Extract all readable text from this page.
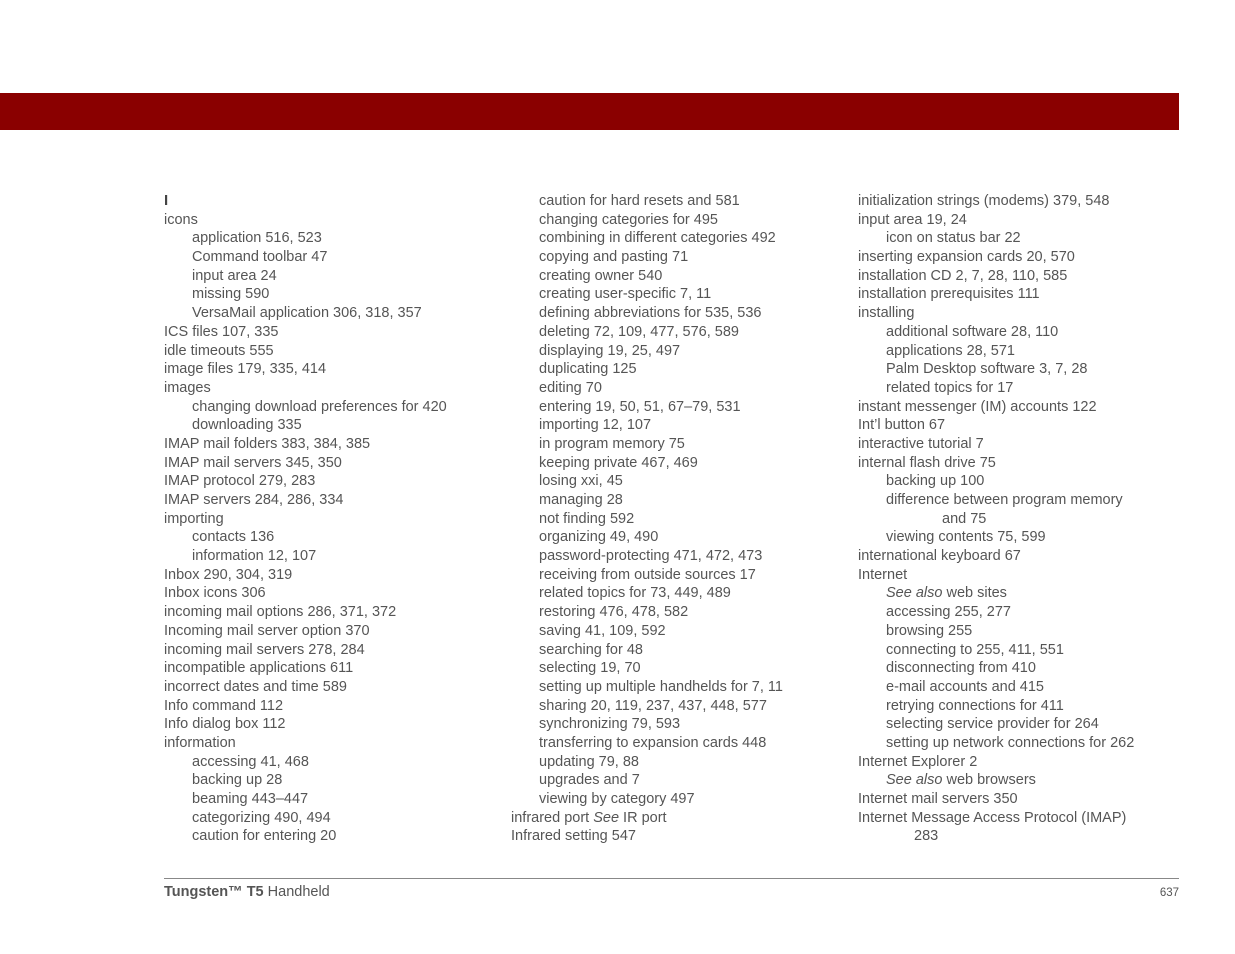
I
icons
application 516, 523
Command toolbar 47
input area 24
missing 590
VersaMail application 306, 318, 357
ICS files 107, 335
idle timeouts 555
image files 179, 335, 414
images
changing download preferences for 420
downloading 335
IMAP mail folders 383, 384, 385
IMAP mail servers 345, 350
IMAP protocol 279, 283
IMAP servers 284, 286, 334
importing
contacts 136
information 12, 107
Inbox 290, 304, 319
Inbox icons 306
incoming mail options 286, 371, 372
Incoming mail server option 370
incoming mail servers 278, 284
incompatible applications 611
incorrect dates and time 589
Info command 112
Info dialog box 112
information
accessing 41, 468
backing up 28
beaming 443–447
categorizing 490, 494
caution for entering 20
caution for hard resets and 581
changing categories for 495
combining in different categories 492
copying and pasting 71
creating owner 540
creating user-specific 7, 11
defining abbreviations for 535, 536
deleting 72, 109, 477, 576, 589
displaying 19, 25, 497
duplicating 125
editing 70
entering 19, 50, 51, 67–79, 531
importing 12, 107
in program memory 75
keeping private 467, 469
losing xxi, 45
managing 28
not finding 592
organizing 49, 490
password-protecting 471, 472, 473
receiving from outside sources 17
related topics for 73, 449, 489
restoring 476, 478, 582
saving 41, 109, 592
searching for 48
selecting 19, 70
setting up multiple handhelds for 7, 11
sharing 20, 119, 237, 437, 448, 577
synchronizing 79, 593
transferring to expansion cards 448
updating 79, 88
upgrades and 7
viewing by category 497
infrared port See IR port
Infrared setting 547
initialization strings (modems) 379, 548
input area 19, 24
icon on status bar 22
inserting expansion cards 20, 570
installation CD 2, 7, 28, 110, 585
installation prerequisites 111
installing
additional software 28, 110
applications 28, 571
Palm Desktop software 3, 7, 28
related topics for 17
instant messenger (IM) accounts 122
Int’l button 67
interactive tutorial 7
internal flash drive 75
backing up 100
difference between program memory
and 75
viewing contents 75, 599
international keyboard 67
Internet
See also web sites
accessing 255, 277
browsing 255
connecting to 255, 411, 551
disconnecting from 410
e-mail accounts and 415
retrying connections for 411
selecting service provider for 264
setting up network connections for 262
Internet Explorer 2
See also web browsers
Internet mail servers 350
Internet Message Access Protocol (IMAP)
283
Tungsten™ T5 Handheld	637
